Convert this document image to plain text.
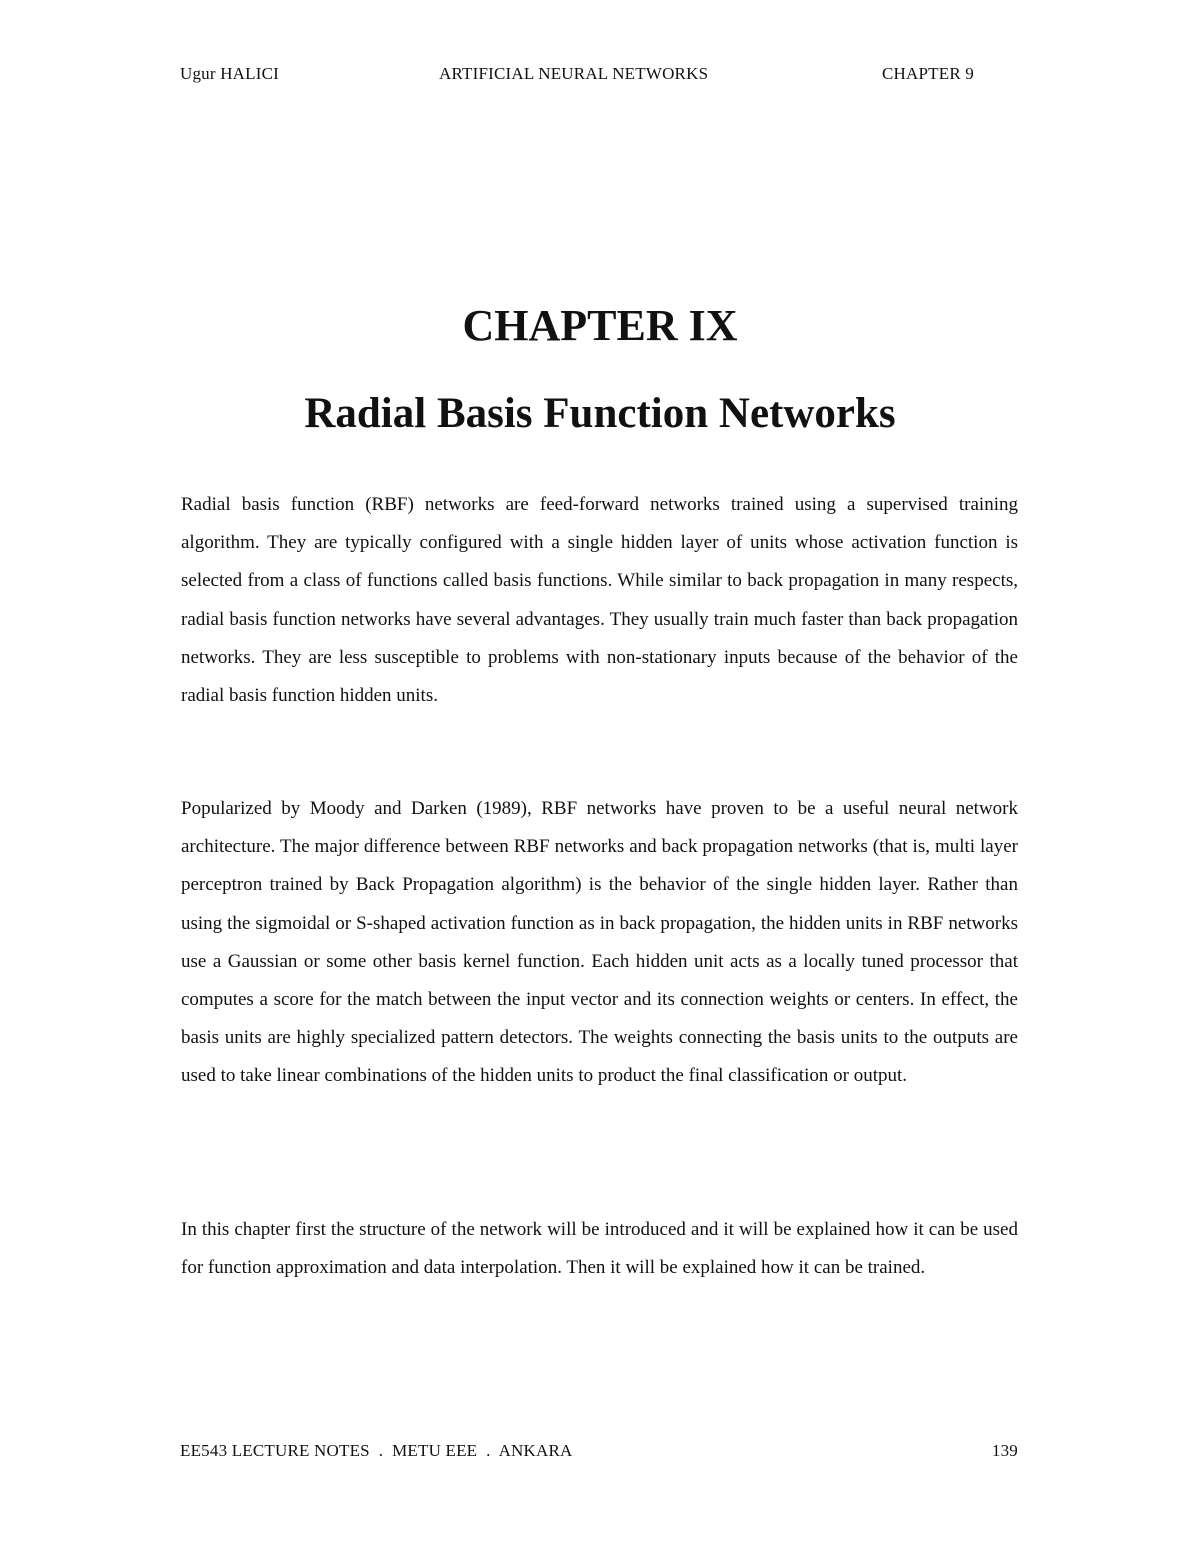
Ugur HALICI	ARTIFICIAL NEURAL NETWORKS	CHAPTER 9
CHAPTER IX
Radial Basis Function Networks

Radial basis function (RBF) networks are feed-forward networks trained using a supervised training algorithm. They are typically configured with a single hidden layer of units whose activation function is selected from a class of functions called basis functions. While similar to back propagation in many respects, radial basis function networks have several advantages. They usually train much faster than back propagation networks. They are less susceptible to problems with non-stationary inputs because of the behavior of the radial basis function hidden units.

Popularized by Moody and Darken (1989), RBF networks have proven to be a useful neural network architecture. The major difference between RBF networks and back propagation networks (that is, multi layer perceptron trained by Back Propagation algorithm) is the behavior of the single hidden layer. Rather than using the sigmoidal or S-shaped activation function as in back propagation, the hidden units in RBF networks use a Gaussian or some other basis kernel function. Each hidden unit acts as a locally tuned processor that computes a score for the match between the input vector and its connection weights or centers. In effect, the basis units are highly specialized pattern detectors. The weights connecting the basis units to the outputs are used to take linear combinations of the hidden units to product the final classification or output.

In this chapter first the structure of the network will be introduced and it will be explained how it can be used for function approximation and data interpolation. Then it will be explained how it can be trained.

EE543 LECTURE NOTES  .  METU EEE  .  ANKARA	139
